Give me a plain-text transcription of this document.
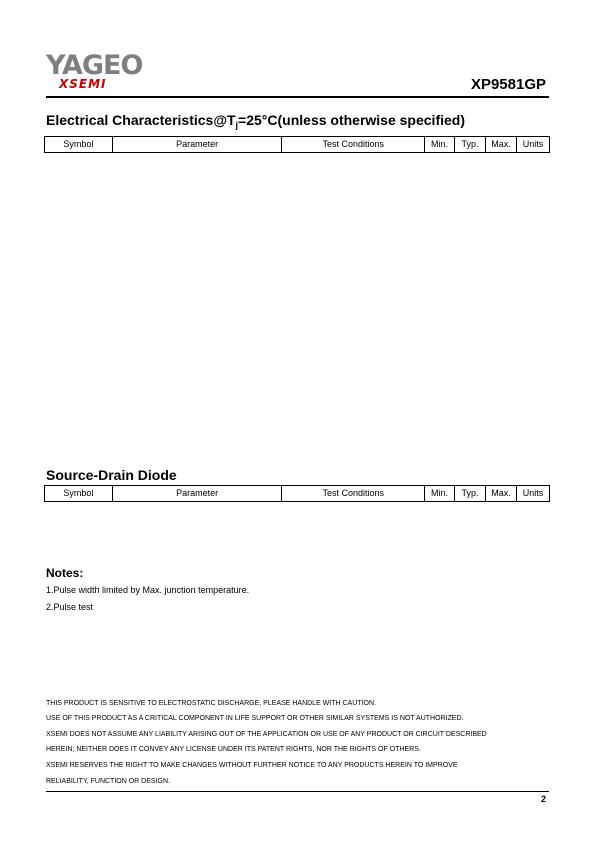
YAGEO
XSEMI	XP9581GP
Electrical $Characteristics@T_j=25^\circ C(unless$ otherwise specified)
Symbol	Parameter	Test Conditions	Min.	Typ.	Max.	Units
Source-Drain Diode
Symbol	Parameter	Test Conditions	Min.	Typ.	Max.	Units
Notes:
1.Pulse width limited by Max. junction temperature.
2.Pulse test
THIS PRODUCT IS SENSITIVE TO ELECTROSTATIC DISCHARGE, PLEASE HANDLE WITH CAUTION.
USE OF THIS PRODUCT AS A CRITICAL COMPONENT IN LIFE SUPPORT OR OTHER SIMILAR SYSTEMS IS NOT AUTHORIZED.
XSEMI DOES NOT ASSUME ANY LIABILITY ARISING OUT OF THE APPLICATION OR USE OF ANY PRODUCT OR CIRCUIT DESCRIBED
HEREIN; NEITHER DOES IT CONVEY ANY LICENSE UNDER ITS PATENT RIGHTS, NOR THE RIGHTS OF OTHERS.
XSEMI RESERVES THE RIGHT TO MAKE CHANGES WITHOUT FURTHER NOTICE TO ANY PRODUCTS HEREIN TO IMPROVE
RELIABILITY, FUNCTION OR DESIGN.
2
